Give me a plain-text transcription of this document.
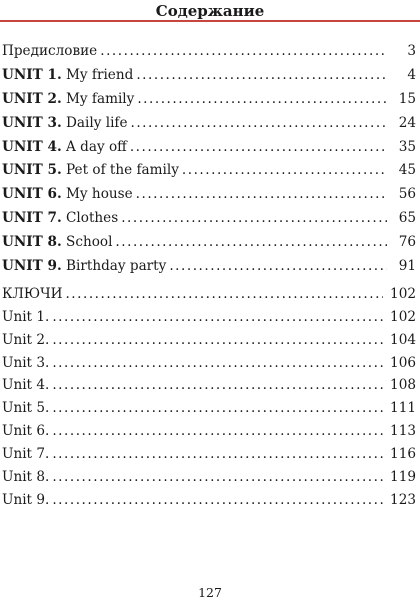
Содержание
Предисловие . . .	3
UNIT 1. My friend . . .	4
UNIT 2. My family . . .	15
UNIT 3. Daily life . . .	24
UNIT 4. A day off . . .	35
UNIT 5. Pet of the family . . .	45
UNIT 6. My house . . .	56
UNIT 7. Clothes . . .	65
UNIT 8. School . . .	76
UNIT 9. Birthday party . . .	91
КЛЮЧИ . . .	102
Unit 1. . . .	102
Unit 2. . . .	104
Unit 3. . . .	106
Unit 4. . . .	108
Unit 5. . . .	111
Unit 6. . . .	113
Unit 7. . . .	116
Unit 8. . . .	119
Unit 9. . . .	123
127
